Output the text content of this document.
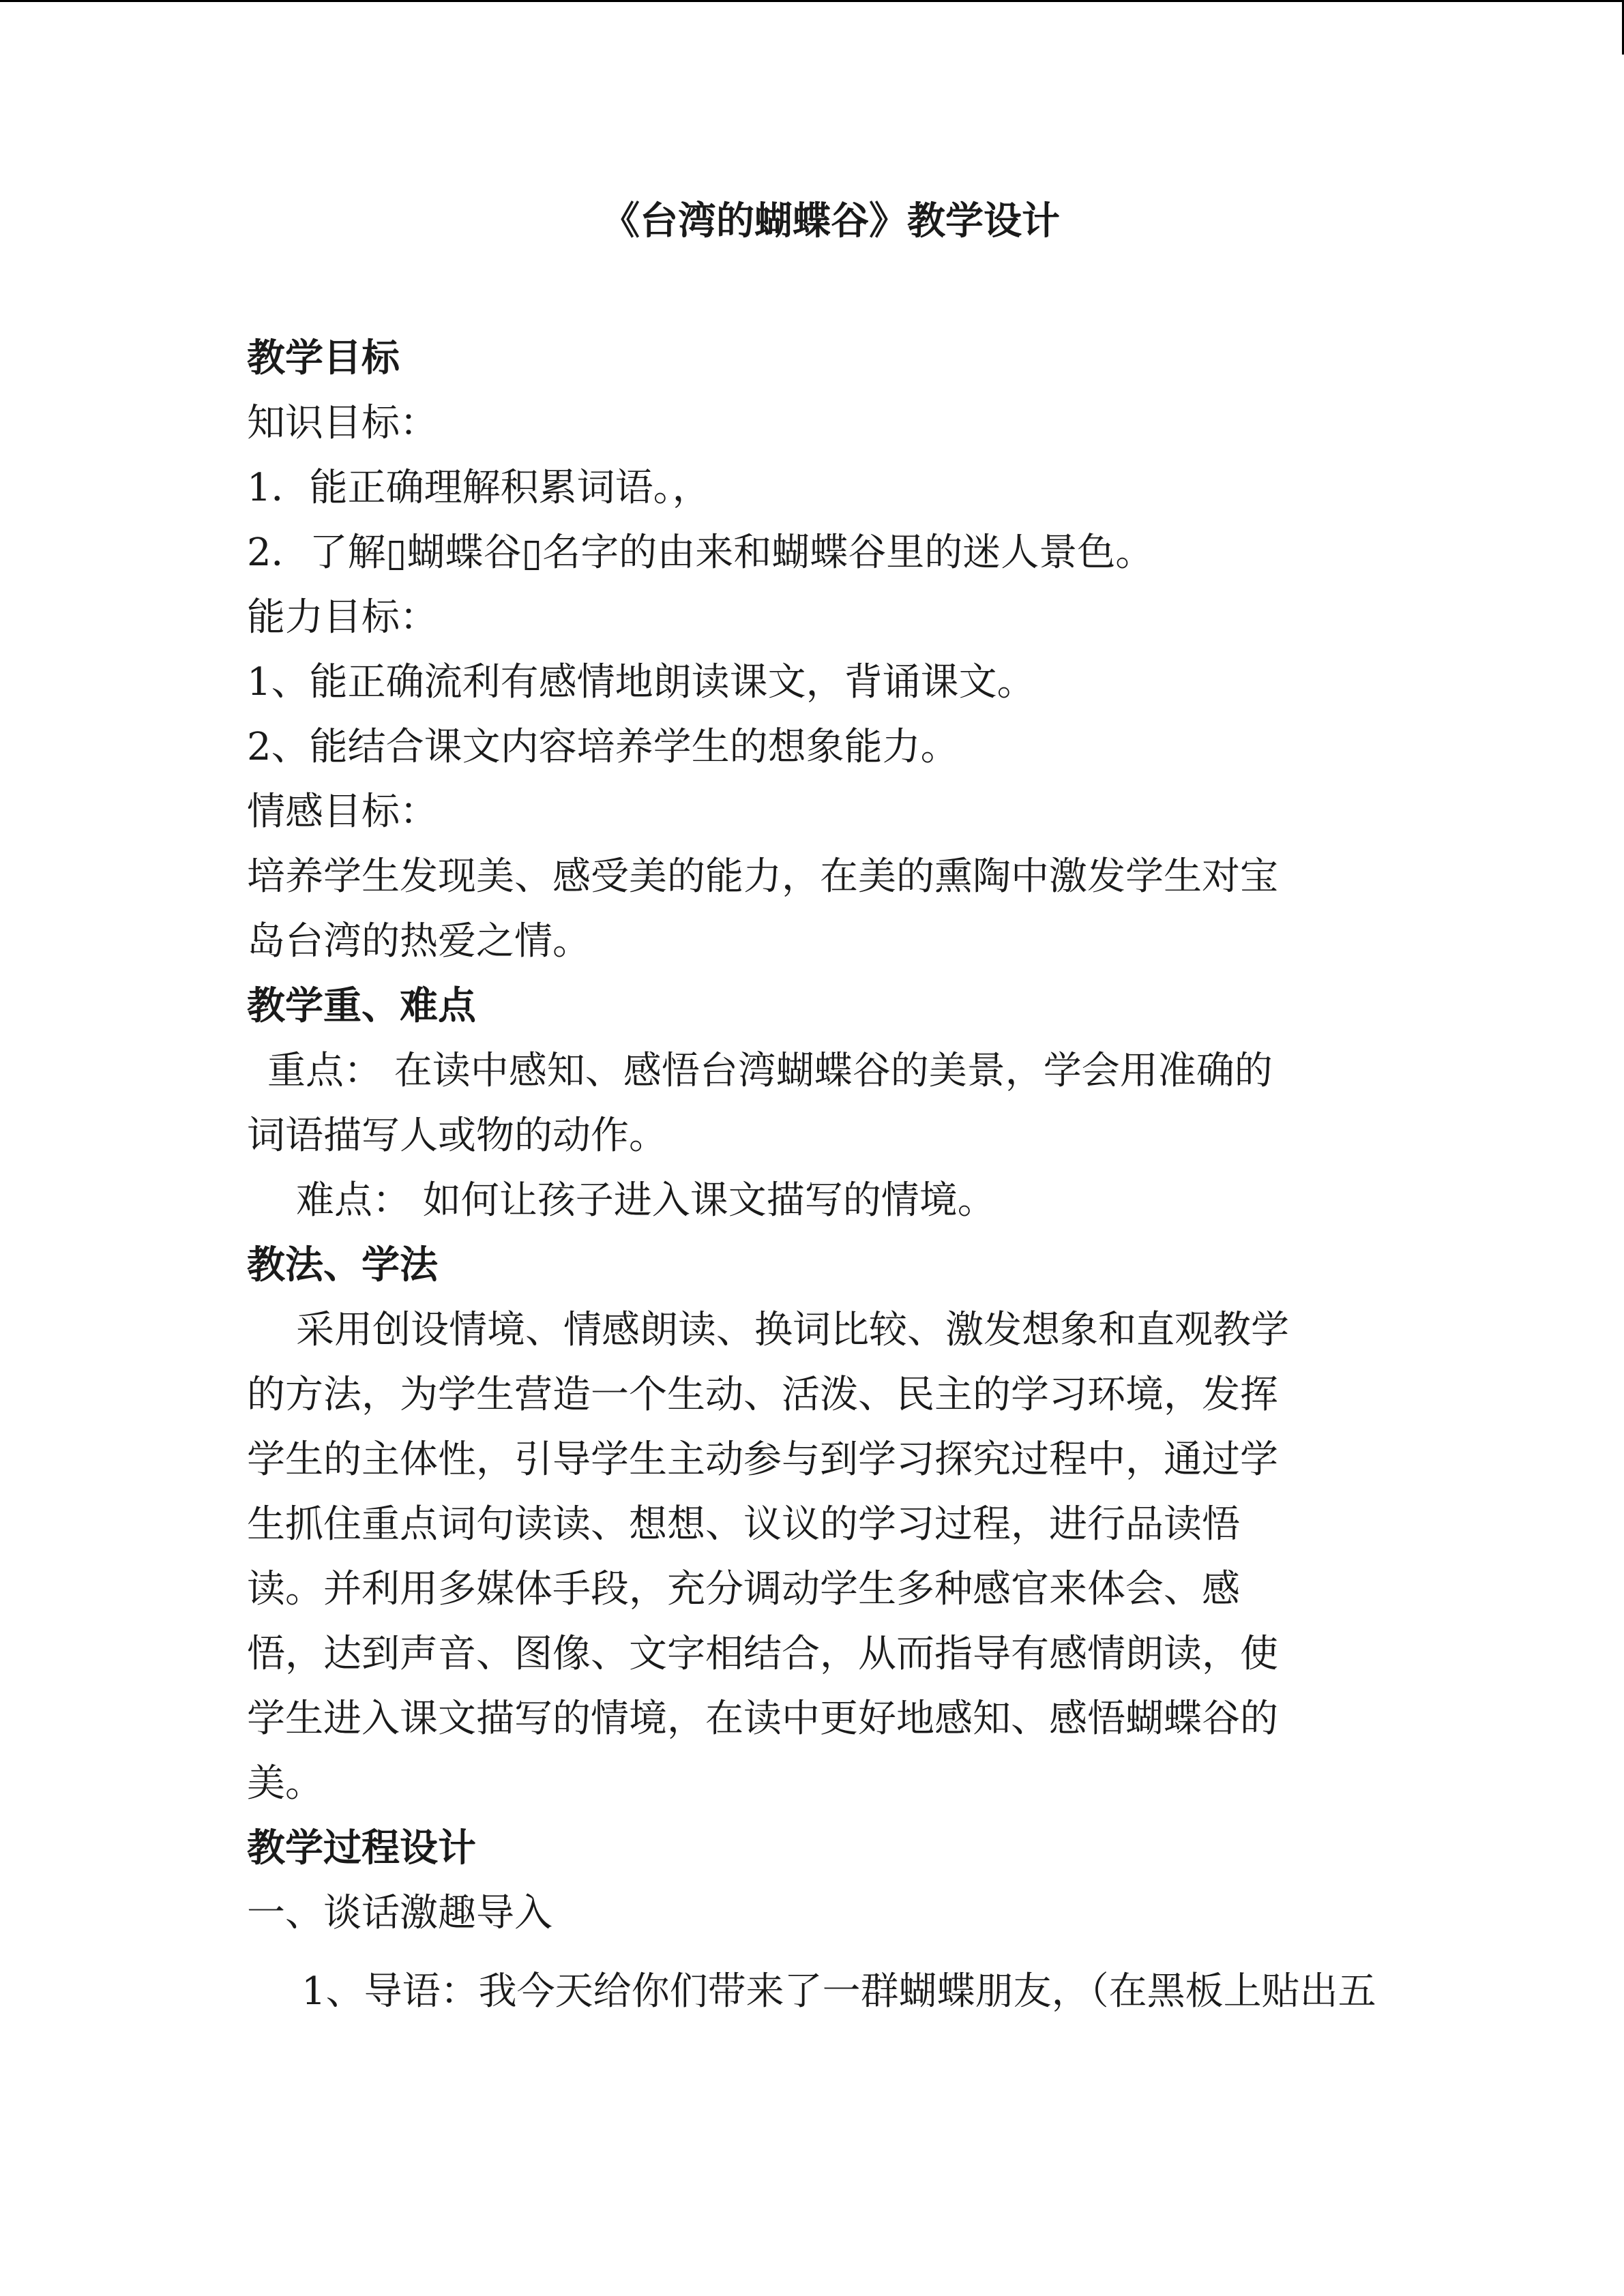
《台湾的蝴蝶谷》教学设计
教学目标
知识目标：
1．能正确理解积累词语。，
2．了解▯蝴蝶谷▯名字的由来和蝴蝶谷里的迷人景色。
能力目标：
1、能正确流利有感情地朗读课文，背诵课文。
2、能结合课文内容培养学生的想象能力。
情感目标：
培养学生发现美、感受美的能力，在美的熏陶中激发学生对宝
岛台湾的热爱之情。
教学重、难点
重点： 在读中感知、感悟台湾蝴蝶谷的美景，学会用准确的
词语描写人或物的动作。
难点： 如何让孩子进入课文描写的情境。
教法、学法
采用创设情境、情感朗读、换词比较、激发想象和直观教学
的方法，为学生营造一个生动、活泼、民主的学习环境，发挥
学生的主体性，引导学生主动参与到学习探究过程中，通过学
生抓住重点词句读读、想想、议议的学习过程，进行品读悟
读。并利用多媒体手段，充分调动学生多种感官来体会、感
悟，达到声音、图像、文字相结合，从而指导有感情朗读，使
学生进入课文描写的情境，在读中更好地感知、感悟蝴蝶谷的
美。
教学过程设计
一、谈话激趣导入
1、导语：我今天给你们带来了一群蝴蝶朋友，（在黑板上贴出五
